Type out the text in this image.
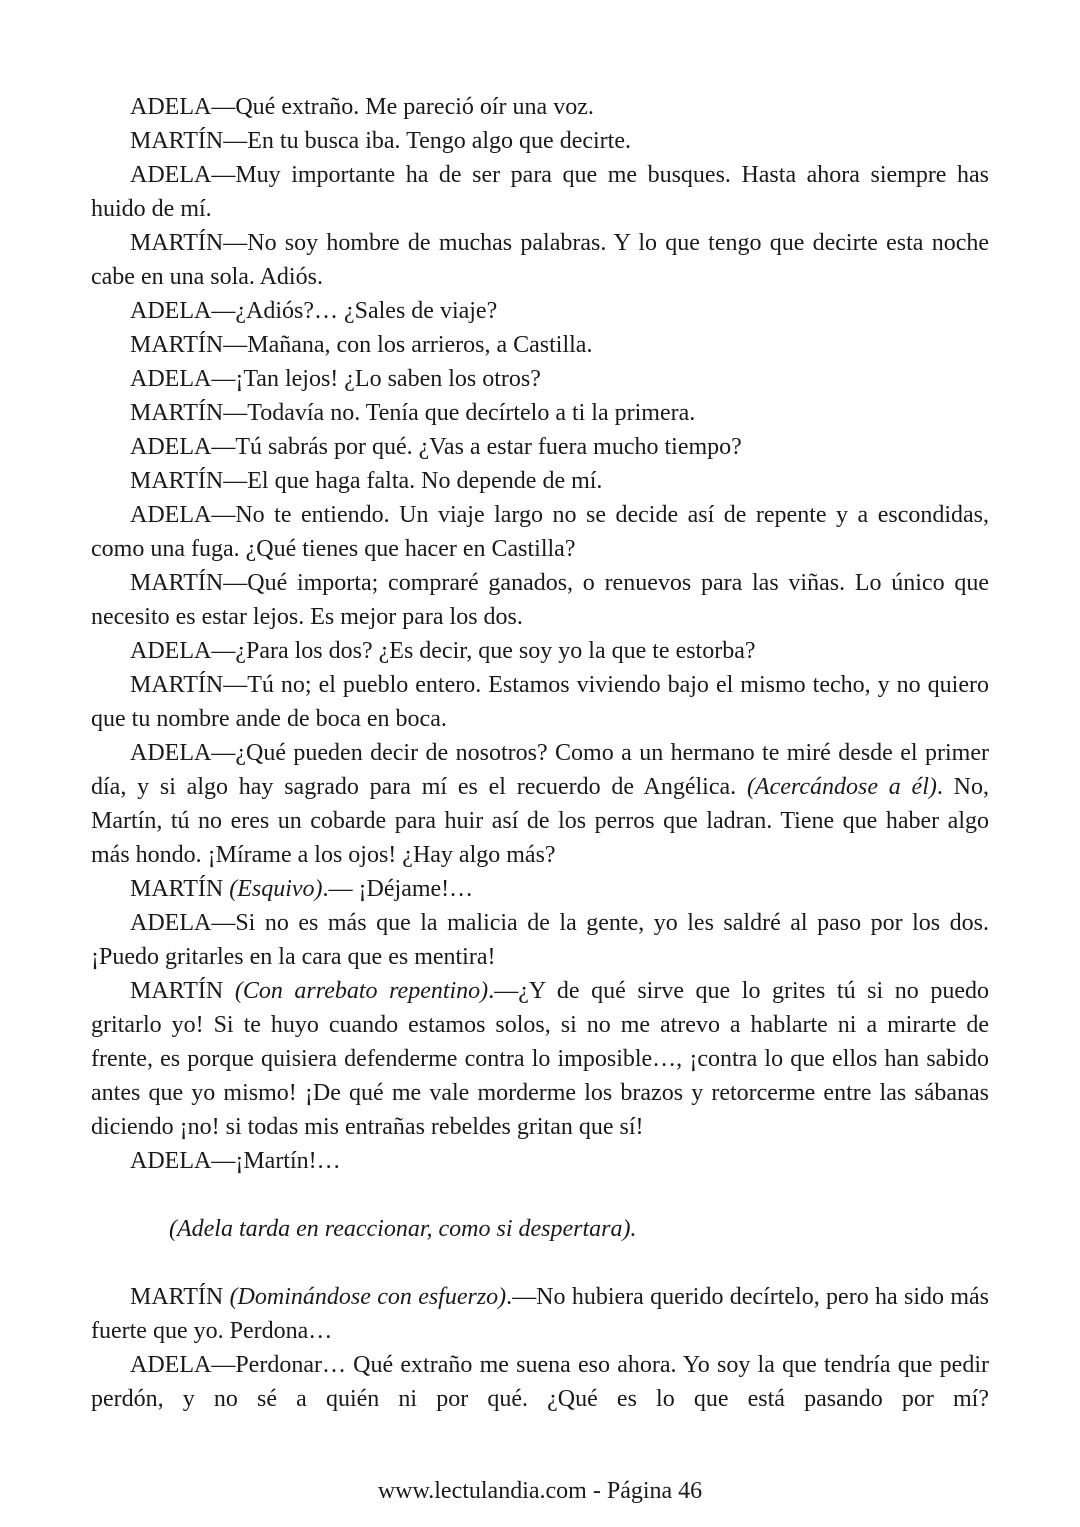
ADELA—Qué extraño. Me pareció oír una voz.

MARTÍN—En tu busca iba. Tengo algo que decirte.

ADELA—Muy importante ha de ser para que me busques. Hasta ahora siempre has huido de mí.

MARTÍN—No soy hombre de muchas palabras. Y lo que tengo que decirte esta noche cabe en una sola. Adiós.

ADELA—¿Adiós?… ¿Sales de viaje?

MARTÍN—Mañana, con los arrieros, a Castilla.

ADELA—¡Tan lejos! ¿Lo saben los otros?

MARTÍN—Todavía no. Tenía que decírtelo a ti la primera.

ADELA—Tú sabrás por qué. ¿Vas a estar fuera mucho tiempo?

MARTÍN—El que haga falta. No depende de mí.

ADELA—No te entiendo. Un viaje largo no se decide así de repente y a escondidas, como una fuga. ¿Qué tienes que hacer en Castilla?

MARTÍN—Qué importa; compraré ganados, o renuevos para las viñas. Lo único que necesito es estar lejos. Es mejor para los dos.

ADELA—¿Para los dos? ¿Es decir, que soy yo la que te estorba?

MARTÍN—Tú no; el pueblo entero. Estamos viviendo bajo el mismo techo, y no quiero que tu nombre ande de boca en boca.

ADELA—¿Qué pueden decir de nosotros? Como a un hermano te miré desde el primer día, y si algo hay sagrado para mí es el recuerdo de Angélica. (Acercándose a él). No, Martín, tú no eres un cobarde para huir así de los perros que ladran. Tiene que haber algo más hondo. ¡Mírame a los ojos! ¿Hay algo más?

MARTÍN (Esquivo).— ¡Déjame!…

ADELA—Si no es más que la malicia de la gente, yo les saldré al paso por los dos. ¡Puedo gritarles en la cara que es mentira!

MARTÍN (Con arrebato repentino).—¿Y de qué sirve que lo grites tú si no puedo gritarlo yo! Si te huyo cuando estamos solos, si no me atrevo a hablarte ni a mirarte de frente, es porque quisiera defenderme contra lo imposible…, ¡contra lo que ellos han sabido antes que yo mismo! ¡De qué me vale morderme los brazos y retorcerme entre las sábanas diciendo ¡no! si todas mis entrañas rebeldes gritan que sí!

ADELA—¡Martín!…

(Adela tarda en reaccionar, como si despertara).

MARTÍN (Dominándose con esfuerzo).—No hubiera querido decírtelo, pero ha sido más fuerte que yo. Perdona…

ADELA—Perdonar… Qué extraño me suena eso ahora. Yo soy la que tendría que pedir perdón, y no sé a quién ni por qué. ¿Qué es lo que está pasando por mí?

www.lectulandia.com - Página 46
